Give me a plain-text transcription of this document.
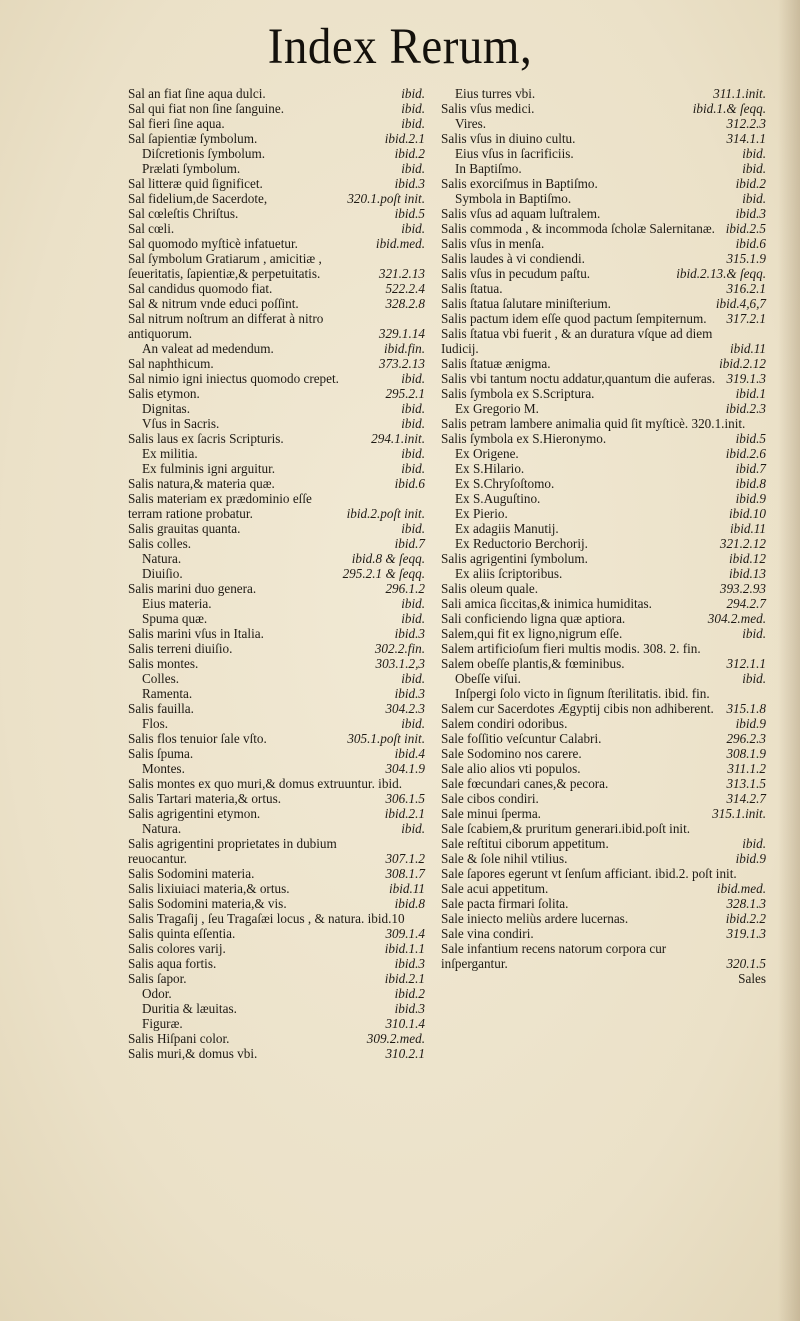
Index Rerum,
Sal an fiat ſine aqua dulci.	ibid.
Sal qui fiat non ſine ſanguine.	ibid.
Sal fieri ſine aqua.	ibid.
Sal ſapientiæ ſymbolum.	ibid.2.1
Diſcretionis ſymbolum.	ibid.2
Prælati ſymbolum.	ibid.
Sal litteræ quid ſignificet.	ibid.3
Sal fidelium,de Sacerdote,	320.1.poſt init.
Sal cœleſtis Chriſtus.	ibid.5
Sal cœli.	ibid.
Sal quomodo myſticè infatuetur.	ibid.med.
Sal ſymbolum Gratiarum , amicitiæ , ſeueritatis, ſapientiæ,& perpetuitatis.	321.2.13
Sal candidus quomodo fiat.	522.2.4
Sal & nitrum vnde educi poſſint.	328.2.8
Sal nitrum noſtrum an differat à nitro antiquorum.	329.1.14
An valeat ad medendum.	ibid.fin.
Sal naphthicum.	373.2.13
Sal nimio igni iniectus quomodo crepet.	ibid.
Salis etymon.	295.2.1
Dignitas.	ibid.
Vſus in Sacris.	ibid.
Salis laus ex ſacris Scripturis.	294.1.init.
Ex militia.	ibid.
Ex fulminis igni arguitur.	ibid.
Salis natura,& materia quæ.	ibid.6
Salis materiam ex prædominio eſſe terram ratione probatur.	ibid.2.poſt init.
Salis grauitas quanta.	ibid.
Salis colles.	ibid.7
Natura.	ibid.8 & ſeqq.
Diuiſio.	295.2.1 & ſeqq.
Salis marini duo genera.	296.1.2
Eius materia.	ibid.
Spuma quæ.	ibid.
Salis marini vſus in Italia.	ibid.3
Salis terreni diuiſio.	302.2.fin.
Salis montes.	303.1.2,3
Colles.	ibid.
Ramenta.	ibid.3
Salis fauilla.	304.2.3
Flos.	ibid.
Salis flos tenuior ſale vſto.	305.1.poſt init.
Salis ſpuma.	ibid.4
Montes.	304.1.9
Salis montes ex quo muri,& domus extruuntur. ibid.
Salis Tartari materia,& ortus.	306.1.5
Salis agrigentini etymon.	ibid.2.1
Natura.	ibid.
Salis agrigentini proprietates in dubium reuocantur.	307.1.2
Salis Sodomini materia.	308.1.7
Salis lixiuiaci materia,& ortus.	ibid.11
Salis Sodomini materia,& vis.	ibid.8
Salis Tragaſij , ſeu Tragaſæi locus , & natura. ibid.10
Salis quinta eſſentia.	309.1.4
Salis colores varij.	ibid.1.1
Salis aqua fortis.	ibid.3
Salis ſapor.	ibid.2.1
Odor.	ibid.2
Duritia & læuitas.	ibid.3
Figuræ.	310.1.4
Salis Hiſpani color.	309.2.med.
Salis muri,& domus vbi.	310.2.1
Eius turres vbi.	311.1.init.
Salis vſus medici.	ibid.1.& ſeqq.
Vires.	312.2.3
Salis vſus in diuino cultu.	314.1.1
Eius vſus in ſacrificiis.	ibid.
In Baptiſmo.	ibid.
Salis exorciſmus in Baptiſmo.	ibid.2
Symbola in Baptiſmo.	ibid.
Salis vſus ad aquam luſtralem.	ibid.3
Salis commoda , & incommoda ſcholæ Salernitanæ. ibid.2.5
Salis vſus in menſa.	ibid.6
Salis laudes à vi condiendi.	315.1.9
Salis vſus in pecudum paſtu.	ibid.2.13.& ſeqq.
Salis ſtatua.	316.2.1
Salis ſtatua ſalutare miniſterium.	ibid.4,6,7
Salis pactum idem eſſe quod pactum ſempiternum.	317.2.1
Salis ſtatua vbi fuerit , & an duratura vſque ad diem Iudicij.	ibid.11
Salis ſtatuæ ænigma.	ibid.2.12
Salis vbi tantum noctu addatur,quantum die auferas. 319.1.3
Salis ſymbola ex S.Scriptura.	ibid.1
Ex Gregorio M.	ibid.2.3
Salis petram lambere animalia quid ſit myſticè. 320.1.init.
Salis ſymbola ex S.Hieronymo.	ibid.5
Ex Origene.	ibid.2.6
Ex S.Hilario.	ibid.7
Ex S.Chryſoſtomo.	ibid.8
Ex S.Auguſtino.	ibid.9
Ex Pierio.	ibid.10
Ex adagiis Manutij.	ibid.11
Ex Reductorio Berchorij.	321.2.12
Salis agrigentini ſymbolum.	ibid.12
Ex aliis ſcriptoribus.	ibid.13
Salis oleum quale.	393.2.93
Sali amica ſiccitas,& inimica humiditas.	294.2.7
Sali conficiendo ligna quæ aptiora.	304.2.med.
Salem,qui fit ex ligno,nigrum eſſe.	ibid.
Salem artificioſum fieri multis modis. 308. 2. fin.
Salem obeſſe plantis,& fœminibus.	312.1.1
Obeſſe viſui.	ibid.
Inſpergi ſolo victo in ſignum ſterilitatis. ibid. fin.
Salem cur Sacerdotes Ægyptij cibis non adhiberent. 315.1.8
Salem condiri odoribus.	ibid.9
Sale foſſitio veſcuntur Calabri.	296.2.3
Sale Sodomino nos carere.	308.1.9
Sale alio alios vti populos.	311.1.2
Sale fœcundari canes,& pecora.	313.1.5
Sale cibos condiri.	314.2.7
Sale minui ſperma.	315.1.init.
Sale ſcabiem,& pruritum generari.ibid.poſt init.
Sale reſtitui ciborum appetitum.	ibid.
Sale & ſole nihil vtilius.	ibid.9
Sale ſapores egerunt vt ſenſum afficiant. ibid.2. poſt init.
Sale acui appetitum.	ibid.med.
Sale pacta firmari ſolita.	328.1.3
Sale iniecto meliùs ardere lucernas.	ibid.2.2
Sale vina condiri.	319.1.3
Sale infantium recens natorum corpora cur inſpergantur.	320.1.5
Sales
